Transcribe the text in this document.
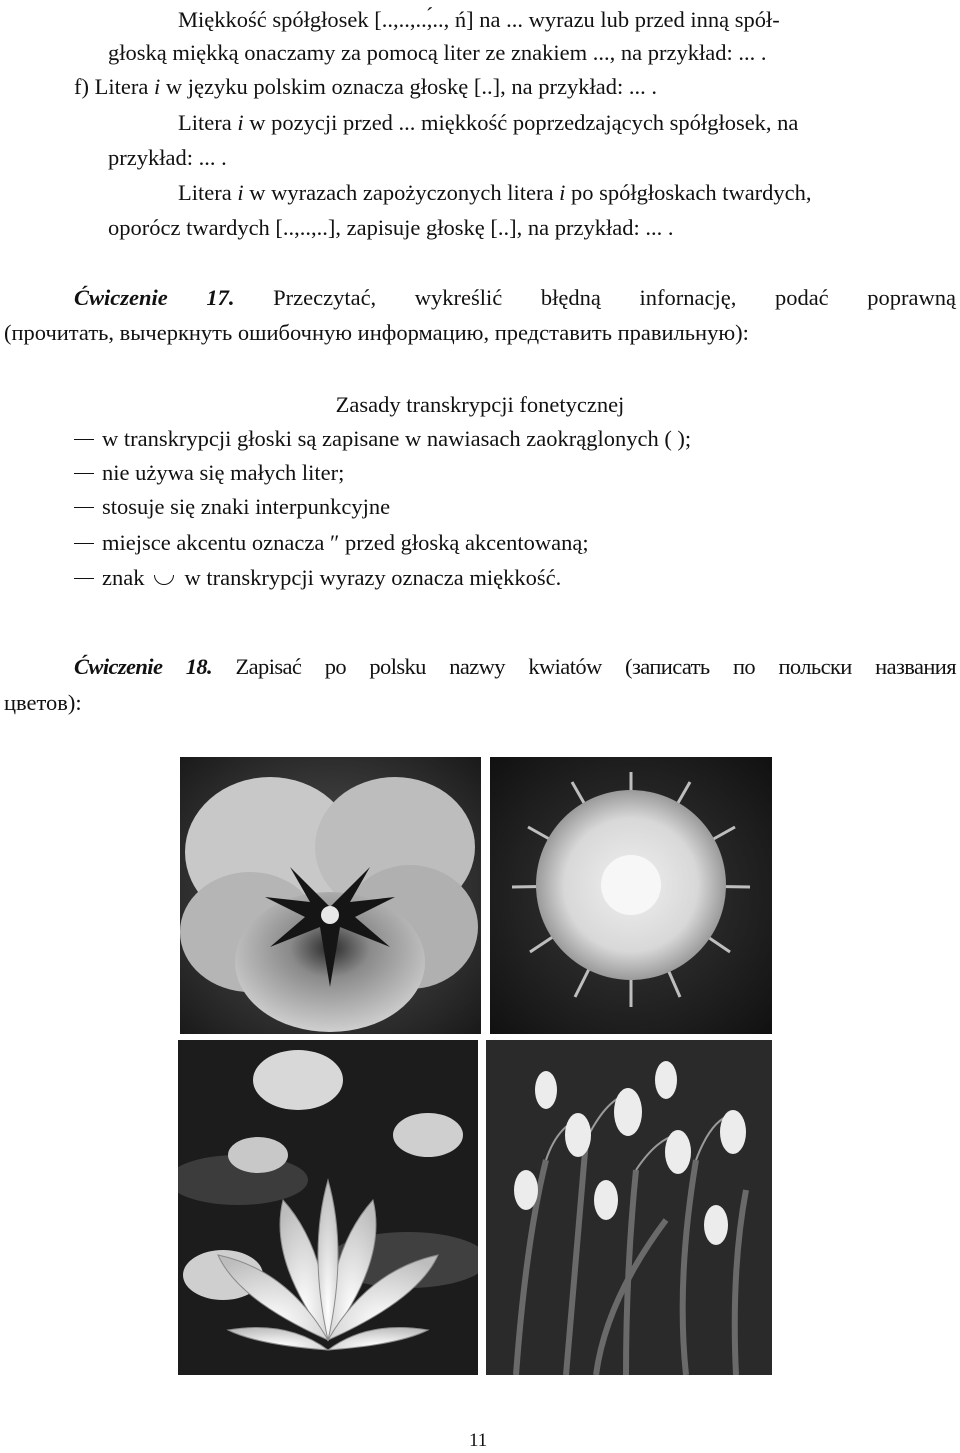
Miękkość spółgłosek [..,..,..,́.., ń] na ... wyrazu lub przed inną spół-
głoską miękką onaczamy za pomocą liter ze znakiem ..., na przykład: ... .
f) Litera i w języku polskim oznacza głoskę [..], na przykład: ... .
Litera i w pozycji przed ... miękkość poprzedzających spółgłosek, na
przykład: ... .
Litera i w wyrazach zapożyczonych litera i po spółgłoskach twardych,
oporócz twardych [..,..,..], zapisuje głoskę [..], na przykład: ... .
Ćwiczenie 17. Przeczytać, wykreślić błędną infornację, podać poprawną
(прочитать, вычеркнуть ошибочную информацию, представить правильную):
Zasady transkrypcji fonetycznej
w transkrypcji głoski są zapisane w nawiasach zaokrąglonych ( );
nie używa się małych liter;
stosuje się znaki interpunkcyjne
miejsce akcentu oznacza ″ przed głoską akcentowaną;
znak w transkrypcji wyrazy oznacza miękkość.
Ćwiczenie 18. Zapisać po polsku nazwy kwiatów (записать по польски названия
цветов):
11
